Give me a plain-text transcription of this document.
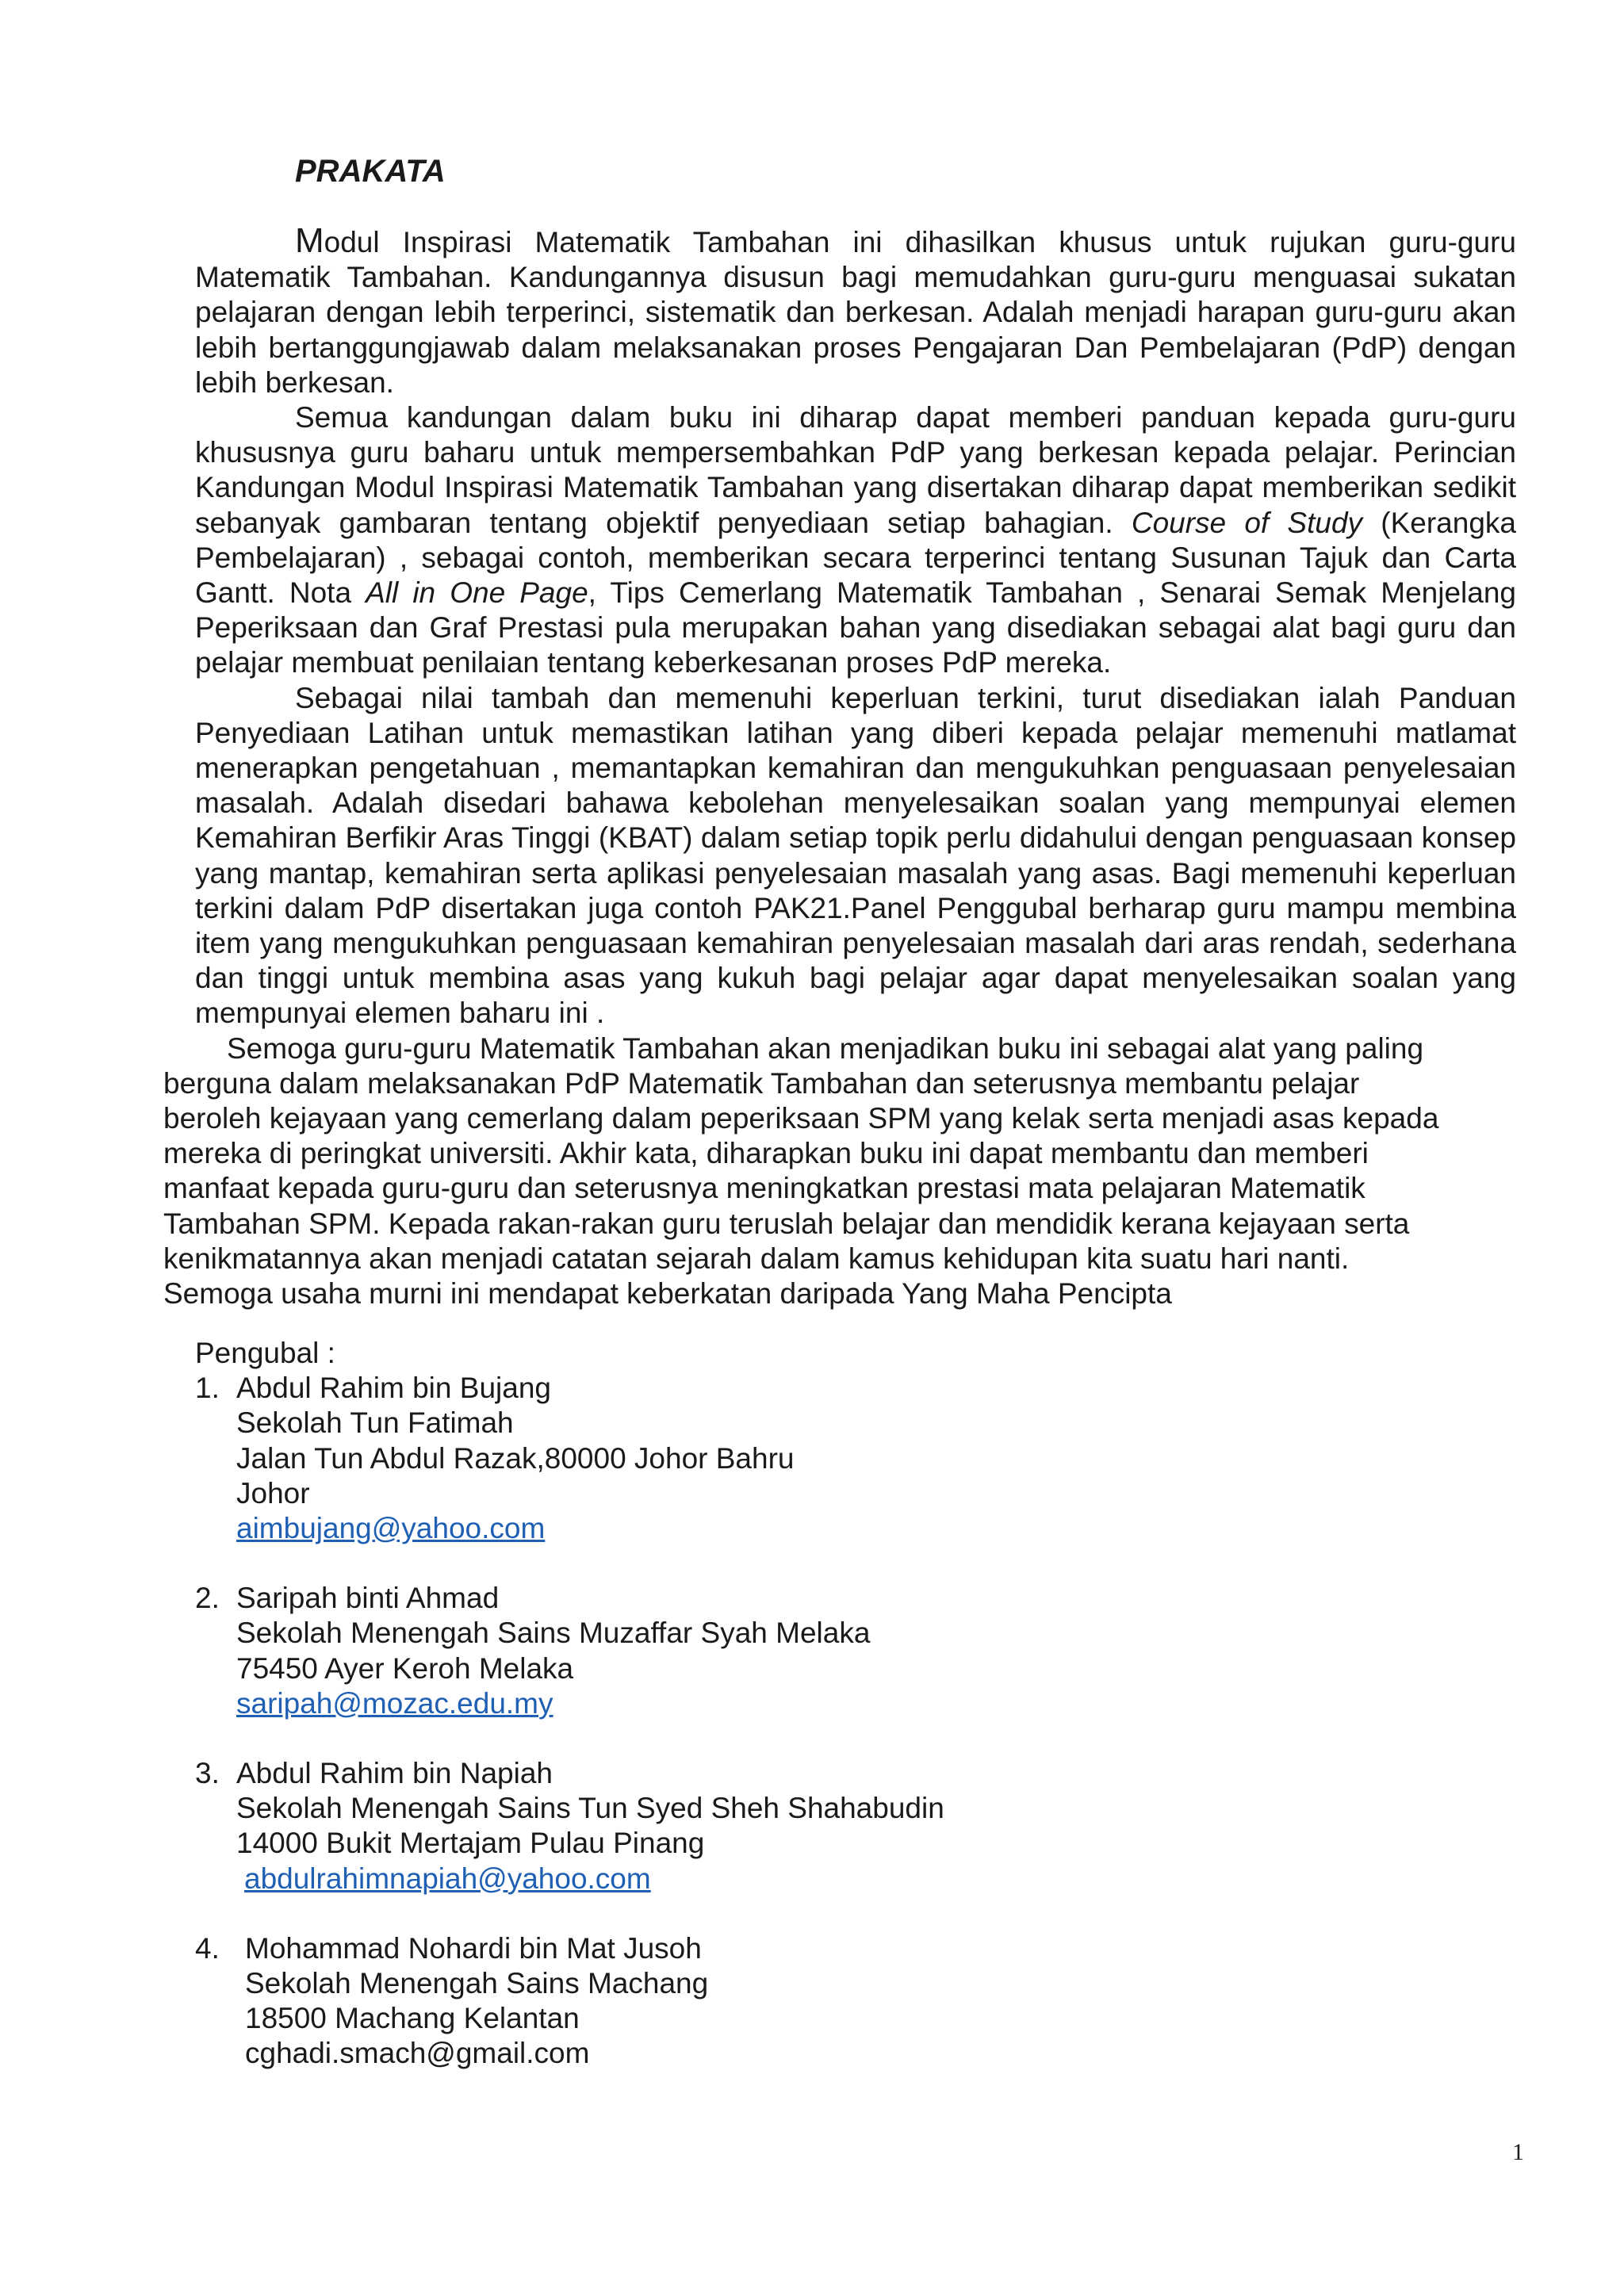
PRAKATA

Modul Inspirasi Matematik Tambahan ini dihasilkan khusus untuk rujukan guru-guru Matematik Tambahan. Kandungannya disusun bagi memudahkan guru-guru menguasai sukatan pelajaran dengan lebih terperinci, sistematik dan berkesan. Adalah menjadi harapan guru-guru akan lebih bertanggungjawab dalam melaksanakan proses Pengajaran Dan Pembelajaran (PdP) dengan lebih berkesan.

Semua kandungan dalam buku ini diharap dapat memberi panduan kepada guru-guru khususnya guru baharu untuk mempersembahkan PdP yang berkesan kepada pelajar. Perincian Kandungan Modul Inspirasi Matematik Tambahan yang disertakan diharap dapat memberikan sedikit sebanyak gambaran tentang objektif penyediaan setiap bahagian. Course of Study (Kerangka Pembelajaran) , sebagai contoh, memberikan secara terperinci tentang Susunan Tajuk dan Carta Gantt. Nota All in One Page, Tips Cemerlang Matematik Tambahan , Senarai Semak Menjelang Peperiksaan dan Graf Prestasi pula merupakan bahan yang disediakan sebagai alat bagi guru dan pelajar membuat penilaian tentang keberkesanan proses PdP mereka.

Sebagai nilai tambah dan memenuhi keperluan terkini, turut disediakan ialah Panduan Penyediaan Latihan untuk memastikan latihan yang diberi kepada pelajar memenuhi matlamat menerapkan pengetahuan , memantapkan kemahiran dan mengukuhkan penguasaan penyelesaian masalah. Adalah disedari bahawa kebolehan menyelesaikan soalan yang mempunyai elemen Kemahiran Berfikir Aras Tinggi (KBAT) dalam setiap topik perlu didahului dengan penguasaan konsep yang mantap, kemahiran serta aplikasi penyelesaian masalah yang asas. Bagi memenuhi keperluan terkini dalam PdP disertakan juga contoh PAK21.Panel Penggubal berharap guru mampu membina item yang mengukuhkan penguasaan kemahiran penyelesaian masalah dari aras rendah, sederhana dan tinggi untuk membina asas yang kukuh bagi pelajar agar dapat menyelesaikan soalan yang mempunyai elemen baharu ini .

Semoga guru-guru Matematik Tambahan akan menjadikan buku ini sebagai alat yang paling
berguna dalam melaksanakan PdP Matematik Tambahan dan seterusnya membantu pelajar
beroleh kejayaan yang cemerlang dalam peperiksaan SPM yang kelak serta menjadi asas kepada
mereka di peringkat universiti. Akhir kata, diharapkan buku ini dapat membantu dan memberi
manfaat kepada guru-guru dan seterusnya meningkatkan prestasi mata pelajaran Matematik
Tambahan SPM. Kepada rakan-rakan guru teruslah belajar dan mendidik kerana kejayaan serta
kenikmatannya akan menjadi catatan sejarah dalam kamus kehidupan kita suatu hari nanti.
Semoga usaha murni ini mendapat keberkatan daripada Yang Maha Pencipta

Pengubal :

1. Abdul Rahim bin Bujang
Sekolah Tun Fatimah
Jalan Tun Abdul Razak,80000 Johor Bahru
Johor
aimbujang@yahoo.com
2. Saripah binti Ahmad
Sekolah Menengah Sains Muzaffar Syah Melaka
75450 Ayer Keroh Melaka
saripah@mozac.edu.my
3. Abdul Rahim bin Napiah
Sekolah Menengah Sains Tun Syed Sheh Shahabudin
14000 Bukit Mertajam Pulau Pinang
abdulrahimnapiah@yahoo.com
4. Mohammad Nohardi bin Mat Jusoh
Sekolah Menengah Sains Machang
18500 Machang Kelantan
cghadi.smach@gmail.com
1
